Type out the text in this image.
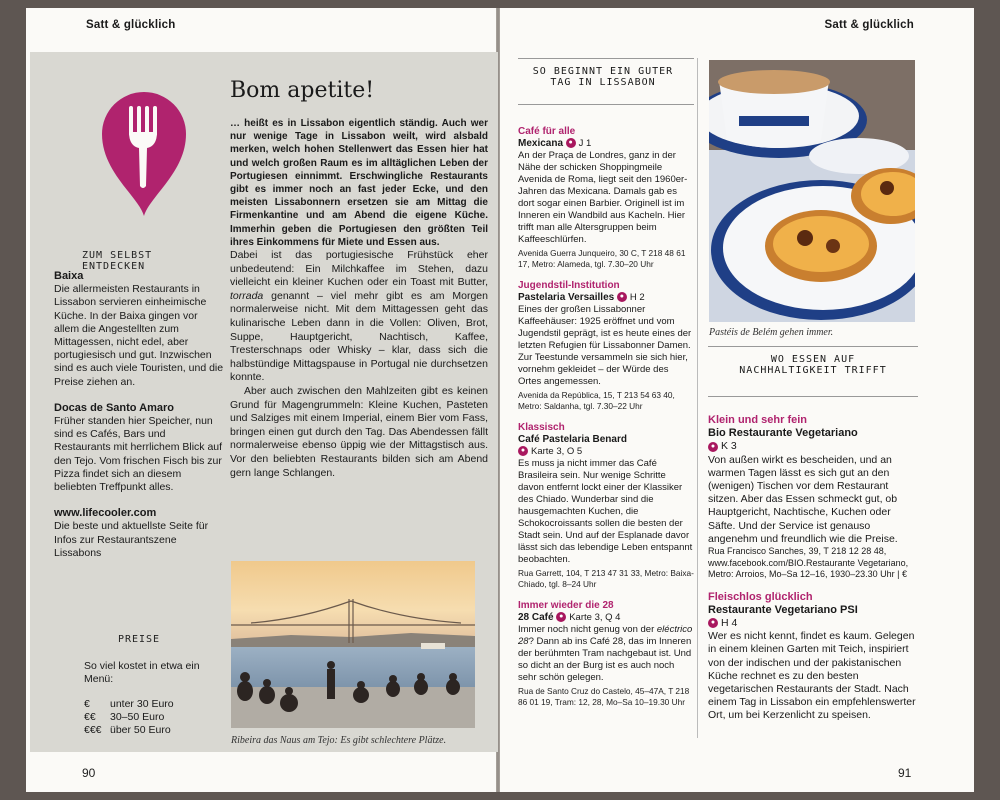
Satt & glücklich
ZUM SELBST ENTDECKEN

Baixa
Die allermeisten Restaurants in Lissabon servieren einheimische Küche. In der Baixa gingen vor allem die Angestellten zum Mittagessen, nicht edel, aber portugiesisch und gut. Inzwischen sind es auch viele Touristen, und die Preise ziehen an.

Docas de Santo Amaro
Früher standen hier Speicher, nun sind es Cafés, Bars und Restaurants mit herrlichem Blick auf den Tejo. Vom frischen Fisch bis zur Pizza findet sich an diesem beliebten Treffpunkt alles.

www.lifecooler.com
Die beste und aktuellste Seite für Infos zur Restaurantszene Lissabons

PREISE
So viel kostet in etwa ein Menü:
€ unter 30 Euro
€€ 30–50 Euro
€€€ über 50 Euro
Bom apetite!

… heißt es in Lissabon eigentlich ständig. Auch wer nur wenige Tage in Lissabon weilt, wird alsbald merken, welch hohen Stellenwert das Essen hier hat und welch großen Raum es im alltäglichen Leben der Portugiesen einnimmt. Erschwingliche Restaurants gibt es immer noch an fast jeder Ecke, und den meisten Lissabonnern ersetzen sie am Mittag die Firmenkantine und am Abend die eigene Küche. Immerhin geben die Portugiesen den größten Teil ihres Einkommens für Miete und Essen aus.

Dabei ist das portugiesische Frühstück eher unbedeutend: Ein Milchkaffee im Stehen, dazu vielleicht ein kleiner Kuchen oder ein Toast mit Butter, torrada genannt – viel mehr gibt es am Morgen normalerweise nicht. Mit dem Mittagessen geht das kulinarische Leben dann in die Vollen: Oliven, Brot, Suppe, Hauptgericht, Nachtisch, Kaffee, Tresterschnaps oder Whisky – klar, dass sich die halbstündige Mittagspause in Portugal nie durchsetzen konnte.

Aber auch zwischen den Mahlzeiten gibt es keinen Grund für Magengrummeln: Kleine Kuchen, Pasteten und Salziges mit einem Imperial, einem Bier vom Fass, bringen einen gut durch den Tag. Das Abendessen fällt normalerweise ebenso üppig wie der Mittagstisch aus. Vor den beliebten Restaurants bilden sich am Abend gern lange Schlangen.

Ribeira das Naus am Tejo: Es gibt schlechtere Plätze.
90
Satt & glücklich
SO BEGINNT EIN GUTER TAG IN LISSABON
Café für alle
Mexicana ● J 1
An der Praça de Londres, ganz in der Nähe der schicken Shoppingmeile Avenida de Roma, liegt seit den 1960er-Jahren das Mexicana. Damals gab es dort sogar einen Barbier. Originell ist im Inneren ein Wandbild aus Kacheln. Hier trifft man alle Altersgruppen beim Kaffeeschlürfen.
Avenida Guerra Junqueiro, 30 C, T 218 48 61 17, Metro: Alameda, tgl. 7.30–20 Uhr
Jugendstil-Institution
Pastelaria Versailles ● H 2
Eines der großen Lissabonner Kaffeehäuser: 1925 eröffnet und vom Jugendstil geprägt, ist es heute eines der letzten Refugien für Lissabonner Damen. Zur Teestunde versammeln sie sich hier, vornehm gekleidet – der Würde des Ortes angemessen.
Avenida da República, 15, T 213 54 63 40, Metro: Saldanha, tgl. 7.30–22 Uhr
Klassisch
Café Pastelaria Benard
● Karte 3, O 5
Es muss ja nicht immer das Café Brasileira sein. Nur wenige Schritte davon entfernt lockt einer der Klassiker des Chiado. Wunderbar sind die hausgemachten Kuchen, die Schokocroissants sollen die besten der Stadt sein. Und auf der Esplanade davor lässt sich das lebendige Leben entspannt beobachten.
Rua Garrett, 104, T 213 47 31 33, Metro: Baixa-Chiado, tgl. 8–24 Uhr
Immer wieder die 28
28 Café ● Karte 3, Q 4
Immer noch nicht genug von der eléctrico 28? Dann ab ins Café 28, das im Inneren der berühmten Tram nachgebaut ist. Und so dicht an der Burg ist es auch noch sehr schön gelegen.
Rua de Santo Cruz do Castelo, 45–47A, T 218 86 01 19, Tram: 12, 28, Mo–Sa 10–19.30 Uhr
Pastéis de Belém gehen immer.
WO ESSEN AUF NACHHALTIGKEIT TRIFFT
Klein und sehr fein
Bio Restaurante Vegetariano
● K 3
Von außen wirkt es bescheiden, und an warmen Tagen lässt es sich gut an den (wenigen) Tischen vor dem Restaurant sitzen. Aber das Essen schmeckt gut, ob Hauptgericht, Nachtische, Kuchen oder Säfte. Und der Service ist genauso angenehm und freundlich wie die Preise.
Rua Francisco Sanches, 39, T 218 12 28 48, www.facebook.com/BIO.Restaurante Vegetariano, Metro: Arroios, Mo–Sa 12–16, 1930–23.30 Uhr | €
Fleischlos glücklich
Restaurante Vegetariano PSI
● H 4
Wer es nicht kennt, findet es kaum. Gelegen in einem kleinen Garten mit Teich, inspiriert von der indischen und der pakistanischen Küche rechnet es zu den besten vegetarischen Restaurants der Stadt. Nach einem Tag in Lissabon ein empfehlenswerter Ort, um bei Kerzenlicht zu speisen.
91
